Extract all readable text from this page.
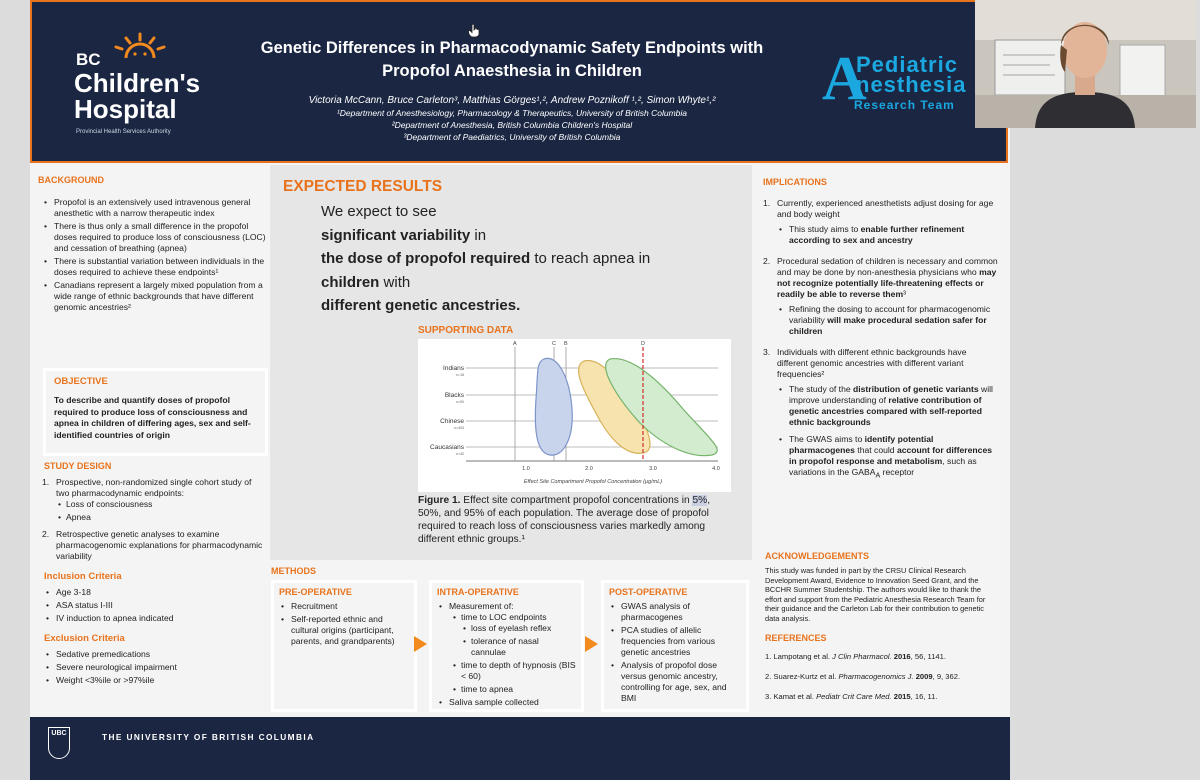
BC
Children's
Hospital
Provincial Health Services Authority
Genetic Differences in Pharmacodynamic Safety Endpoints with
Propofol Anaesthesia in Children
Victoria McCann, Bruce Carleton³, Matthias Görges¹,², Andrew Poznikoff ¹,², Simon Whyte¹,²
¹Department of Anesthesiology, Pharmacology & Therapeutics, University of British Columbia
²Department of Anesthesia, British Columbia Children's Hospital
³Department of Paediatrics, University of British Columbia
A
Pediatric
nesthesia
Research Team
BACKGROUND
• Propofol is an extensively used intravenous general anesthetic with a narrow therapeutic index
• There is thus only a small difference in the propofol doses required to produce loss of consciousness (LOC) and cessation of breathing (apnea)
• There is substantial variation between individuals in the doses required to achieve these endpoints¹
• Canadians represent a largely mixed population from a wide range of ethnic backgrounds that have different genomic ancestries²
OBJECTIVE
To describe and quantify doses of propofol required to produce loss of consciousness and apnea in children of differing ages, sex and self-identified countries of origin
STUDY DESIGN
1. Prospective, non-randomized single cohort study of two pharmacodynamic endpoints:
• Loss of consciousness
• Apnea
2. Retrospective genetic analyses to examine pharmacogenomic explanations for pharmacodynamic variability
Inclusion Criteria
• Age 3-18
• ASA status I-III
• IV induction to apnea indicated
Exclusion Criteria
• Sedative premedications
• Severe neurological impairment
• Weight <3%ile or >97%ile
EXPECTED RESULTS
We expect to see
significant variability in
the dose of propofol required to reach apnea in
children with
different genetic ancestries.
SUPPORTING DATA
A	C B	D
Indians
Blacks
Chinese
Caucasians
n=18
n=50
n=403
n=40
1.0	2.0	3.0	4.0
Effect Site Compartment Propofol Concentration (µg/mL)
Figure 1. Effect site compartment propofol concentrations in 5%, 50%, and 95% of each population. The average dose of propofol required to reach loss of consciousness varies markedly among different ethnic groups.¹
METHODS
PRE-OPERATIVE
• Recruitment
• Self-reported ethnic and cultural origins (participant, parents, and grandparents)
INTRA-OPERATIVE
• Measurement of:
• time to LOC endpoints
• loss of eyelash reflex
• tolerance of nasal cannulae
• time to depth of hypnosis (BIS < 60)
• time to apnea
• Saliva sample collected
POST-OPERATIVE
• GWAS analysis of pharmacogenes
• PCA studies of allelic frequencies from various genetic ancestries
• Analysis of propofol dose versus genomic ancestry, controlling for age, sex, and BMI
IMPLICATIONS
1. Currently, experienced anesthetists adjust dosing for age and body weight
• This study aims to enable further refinement according to sex and ancestry
2. Procedural sedation of children is necessary and common and may be done by non-anesthesia physicians who may not recognize potentially life-threatening effects or readily be able to reverse them³
• Refining the dosing to account for pharmacogenomic variability will make procedural sedation safer for children
3. Individuals with different ethnic backgrounds have different genomic ancestries with different variant frequencies²
• The study of the distribution of genetic variants will improve understanding of relative contribution of genetic ancestries compared with self-reported ethnic backgrounds
• The GWAS aims to identify potential pharmacogenes that could account for differences in propofol response and metabolism, such as variations in the $GABA_A$ receptor
ACKNOWLEDGEMENTS
This study was funded in part by the CRSU Clinical Research Development Award, Evidence to Innovation Seed Grant, and the BCCHR Summer Studentship. The authors would like to thank the effort and support from the Pediatric Anesthesia Research Team for their guidance and the Carleton Lab for their contribution to genetic data analysis.
REFERENCES
1. Lampotang et al. J Clin Pharmacol. 2016, 56, 1141.
2. Suarez-Kurtz et al. Pharmacogenomics J. 2009, 9, 362.
3. Kamat et al. Pediatr Crit Care Med. 2015, 16, 11.
UBC	THE UNIVERSITY OF BRITISH COLUMBIA
